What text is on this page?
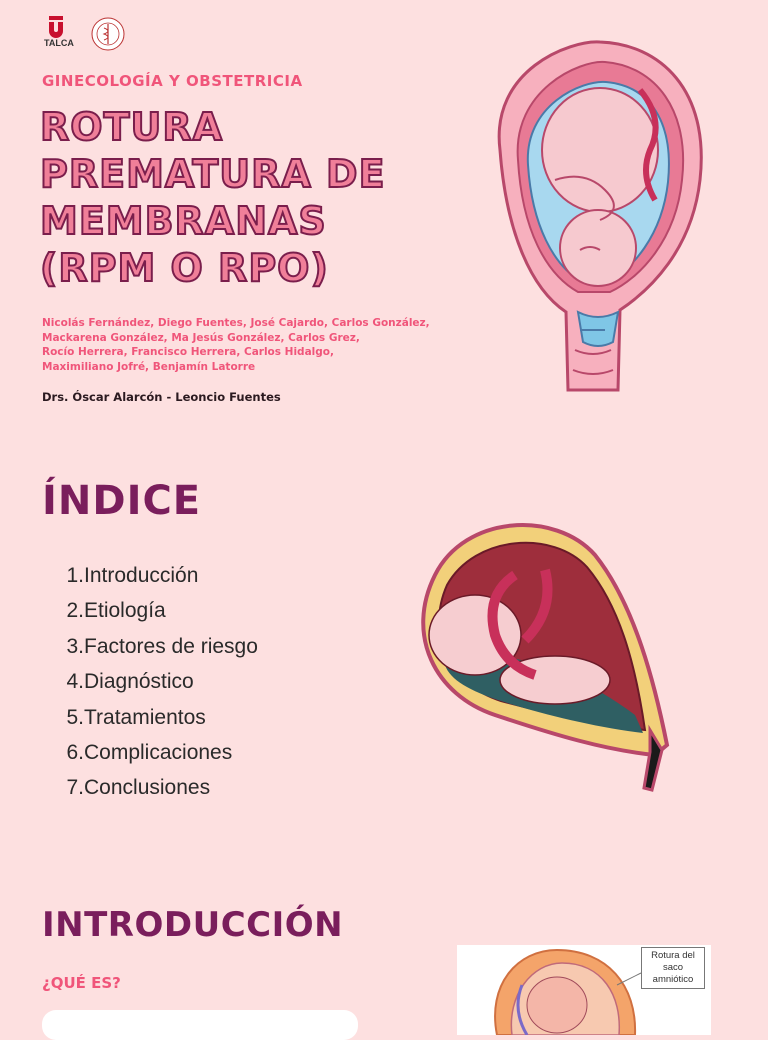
TALCA
GINECOLOGÍA Y OBSTETRICIA
ROTURA
PREMATURA DE
MEMBRANAS
(RPM O RPO)
Nicolás Fernández, Diego Fuentes, José Cajardo, Carlos González,
Mackarena González, Ma Jesús González, Carlos Grez,
Rocío Herrera, Francisco Herrera, Carlos Hidalgo,
Maximiliano Jofré, Benjamín Latorre
Drs. Óscar Alarcón - Leoncio Fuentes
ÍNDICE
1.Introducción
2.Etiología
3.Factores de riesgo
4.Diagnóstico
5.Tratamientos
6.Complicaciones
7.Conclusiones
INTRODUCCIÓN
¿QUÉ ES?
Rotura del
saco
amniótico
